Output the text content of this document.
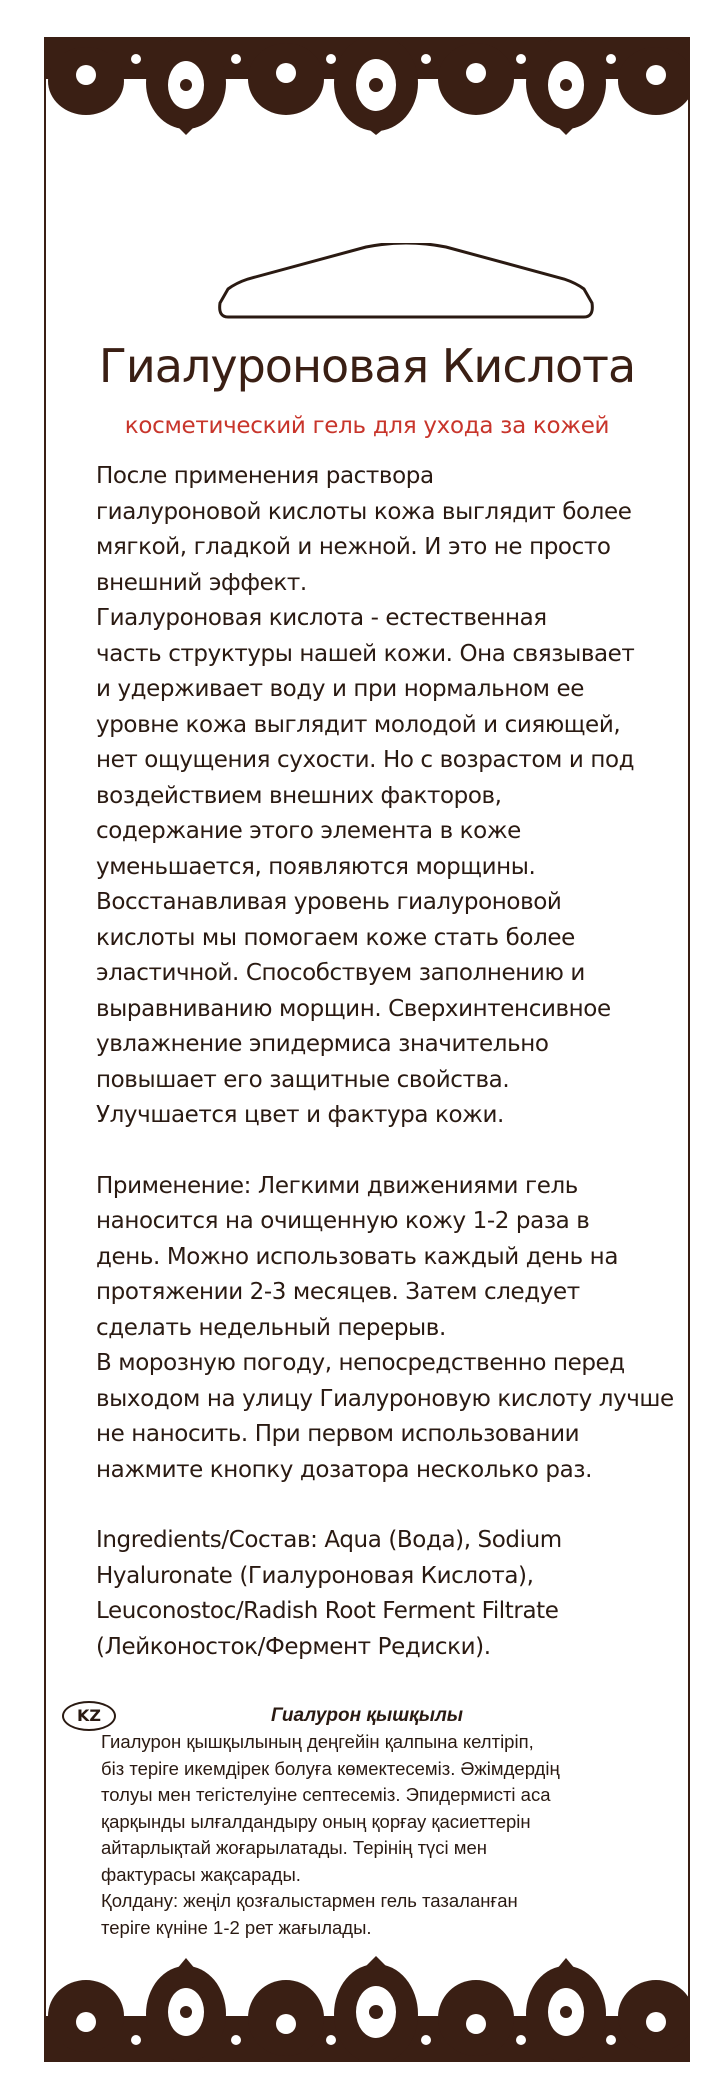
Гиалуроновая Кислота
косметический гель для ухода за кожей
После применения раствора
гиалуроновой кислоты кожа выглядит более
мягкой, гладкой и нежной. И это не просто
внешний эффект.
Гиалуроновая кислота - естественная
часть структуры нашей кожи. Она связывает
и удерживает воду и при нормальном ее
уровне кожа выглядит молодой и сияющей,
нет ощущения сухости. Но с возрастом и под
воздействием внешних факторов,
содержание этого элемента в коже
уменьшается, появляются морщины.
Восстанавливая уровень гиалуроновой
кислоты мы помогаем коже стать более
эластичной. Способствуем заполнению и
выравниванию морщин. Сверхинтенсивное
увлажнение эпидермиса значительно
повышает его защитные свойства.
Улучшается цвет и фактура кожи.
Применение: Легкими движениями гель
наносится на очищенную кожу 1-2 раза в
день. Можно использовать каждый день на
протяжении 2-3 месяцев. Затем следует
сделать недельный перерыв.
В морозную погоду, непосредственно перед
выходом на улицу Гиалуроновую кислоту лучше
не наносить. При первом использовании
нажмите кнопку дозатора несколько раз.
Ingredients/Состав: Aqua (Вода), Sodium
Hyaluronate (Гиалуроновая Кислота),
Leuconostoc/Radish Root Ferment Filtrate
(Лейконосток/Фермент Редиски).
KZ	Гиалурон қышқылы
Гиалурон қышқылының деңгейін қалпына келтіріп,
біз теріге икемдірек болуға көмектесеміз. Әжімдердің
толуы мен тегістелуіне септесеміз. Эпидермисті аса
қарқынды ылғалдандыру оның қорғау қасиеттерін
айтарлықтай жоғарылатады. Терінің түсі мен
фактурасы жақсарады.
Қолдану: жеңіл қозғалыстармен гель тазаланған
теріге күніне 1-2 рет жағылады.
